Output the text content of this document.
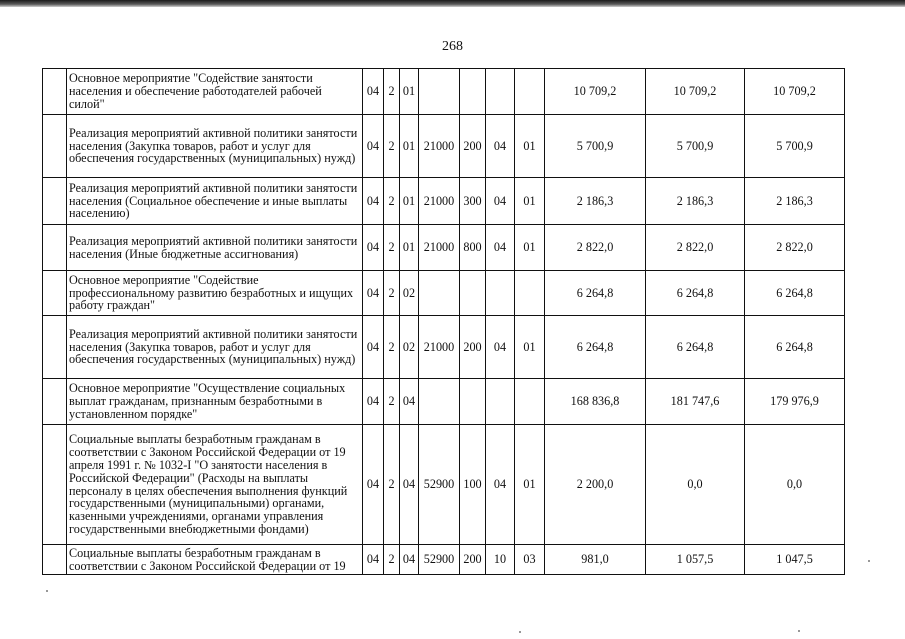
268
	Основное мероприятие "Содействие занятости населения и обеспечение работодателей рабочей силой"	04	2	01					10 709,2	10 709,2	10 709,2
	Реализация мероприятий активной политики занятости населения (Закупка товаров, работ и услуг для обеспечения государственных (муниципальных) нужд)	04	2	01	21000	200	04	01	5 700,9	5 700,9	5 700,9
	Реализация мероприятий активной политики занятости населения (Социальное обеспечение и иные выплаты населению)	04	2	01	21000	300	04	01	2 186,3	2 186,3	2 186,3
	Реализация мероприятий активной политики занятости населения (Иные бюджетные ассигнования)	04	2	01	21000	800	04	01	2 822,0	2 822,0	2 822,0
	Основное мероприятие "Содействие профессиональному развитию безработных и ищущих работу граждан"	04	2	02					6 264,8	6 264,8	6 264,8
	Реализация мероприятий активной политики занятости населения (Закупка товаров, работ и услуг для обеспечения государственных (муниципальных) нужд)	04	2	02	21000	200	04	01	6 264,8	6 264,8	6 264,8
	Основное мероприятие "Осуществление социальных выплат гражданам, признанным безработными в установленном порядке"	04	2	04					168 836,8	181 747,6	179 976,9
	Социальные выплаты безработным гражданам в соответствии с Законом Российской Федерации от 19 апреля 1991 г. № 1032-I "О занятости населения в Российской Федерации" (Расходы на выплаты персоналу в целях обеспечения выполнения функций государственными (муниципальными) органами, казенными учреждениями, органами управления государственными внебюджетными фондами)	04	2	04	52900	100	04	01	2 200,0	0,0	0,0
	Социальные выплаты безработным гражданам в соответствии с Законом Российской Федерации от 19	04	2	04	52900	200	10	03	981,0	1 057,5	1 047,5
